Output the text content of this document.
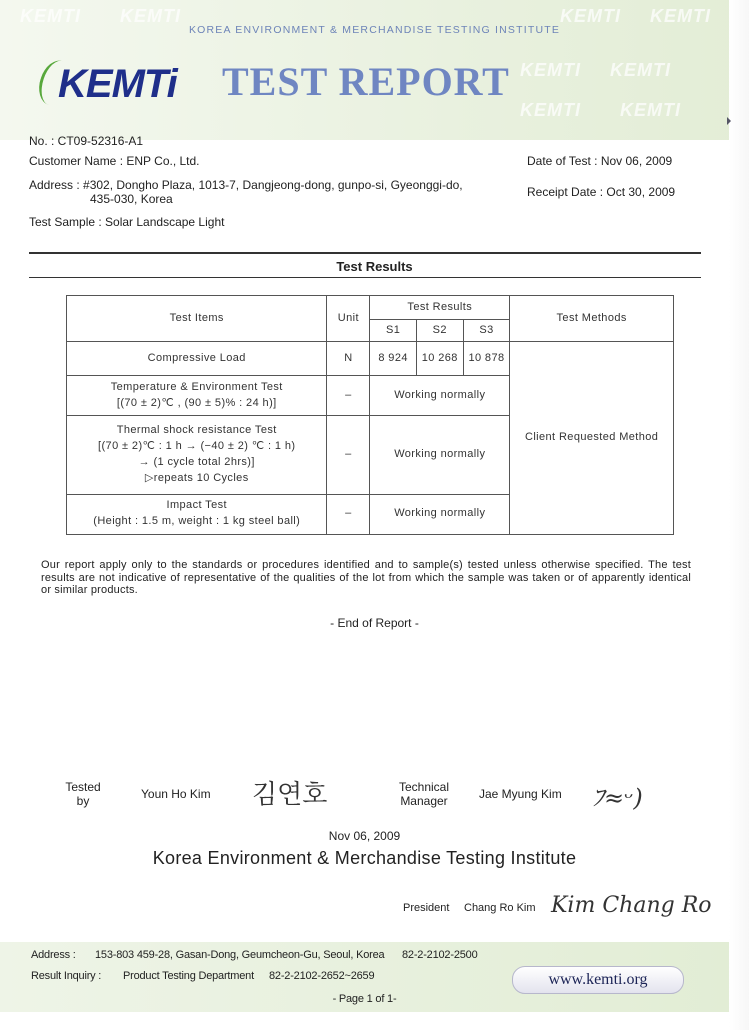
KEMTI KEMTI	KEMTI KEMTI
KEMTI KEMTI
KEMTI KEMTI
KOREA ENVIRONMENT & MERCHANDISE TESTING INSTITUTE
KEMTi TEST REPORT
No. : CT09-52316-A1
Customer Name : ENP Co., Ltd.	Date of Test : Nov 06, 2009
Address : #302, Dongho Plaza, 1013-7, Dangjeong-dong, gunpo-si, Gyeonggi-do,
435-030, Korea	Receipt Date : Oct 30, 2009
Test Sample : Solar Landscape Light
Test Results
Test Items	Unit	Test Results			Test Methods
		S1	S2	S3	

Compressive Load	N	8 924	10 268	10 878	Client Requested Method

Temperature & Environment Test
[(70 ± 2)℃ , (90 ± 5)% : 24 h)]	–	Working normally			

Thermal shock resistance Test
[(70 ± 2)℃ : 1 h → (−40 ± 2) ℃ : 1 h)
→ (1 cycle total 2hrs)]
▷repeats 10 Cycles	–	Working normally			

Impact Test
(Height : 1.5 m, weight : 1 kg steel ball)	–	Working normally			
Our report apply only to the standards or procedures identified and to sample(s) tested unless otherwise specified. The test results are not indicative of representative of the qualities of the lot from which the sample was taken or of apparently identical or similar products.
- End of Report -
Tested
by	Youn Ho Kim 김연호	Technical
Manager	Jae Myung Kim ﾌ≈ᵕ)
Nov 06, 2009
Korea Environment & Merchandise Testing Institute
President Chang Ro Kim Kim Chang Ro
Address : 153-803 459-28, Gasan-Dong, Geumcheon-Gu, Seoul, Korea 82-2-2102-2500
Result Inquiry : Product Testing Department 82-2-2102-2652~2659	www.kemti.org
- Page 1 of 1-
